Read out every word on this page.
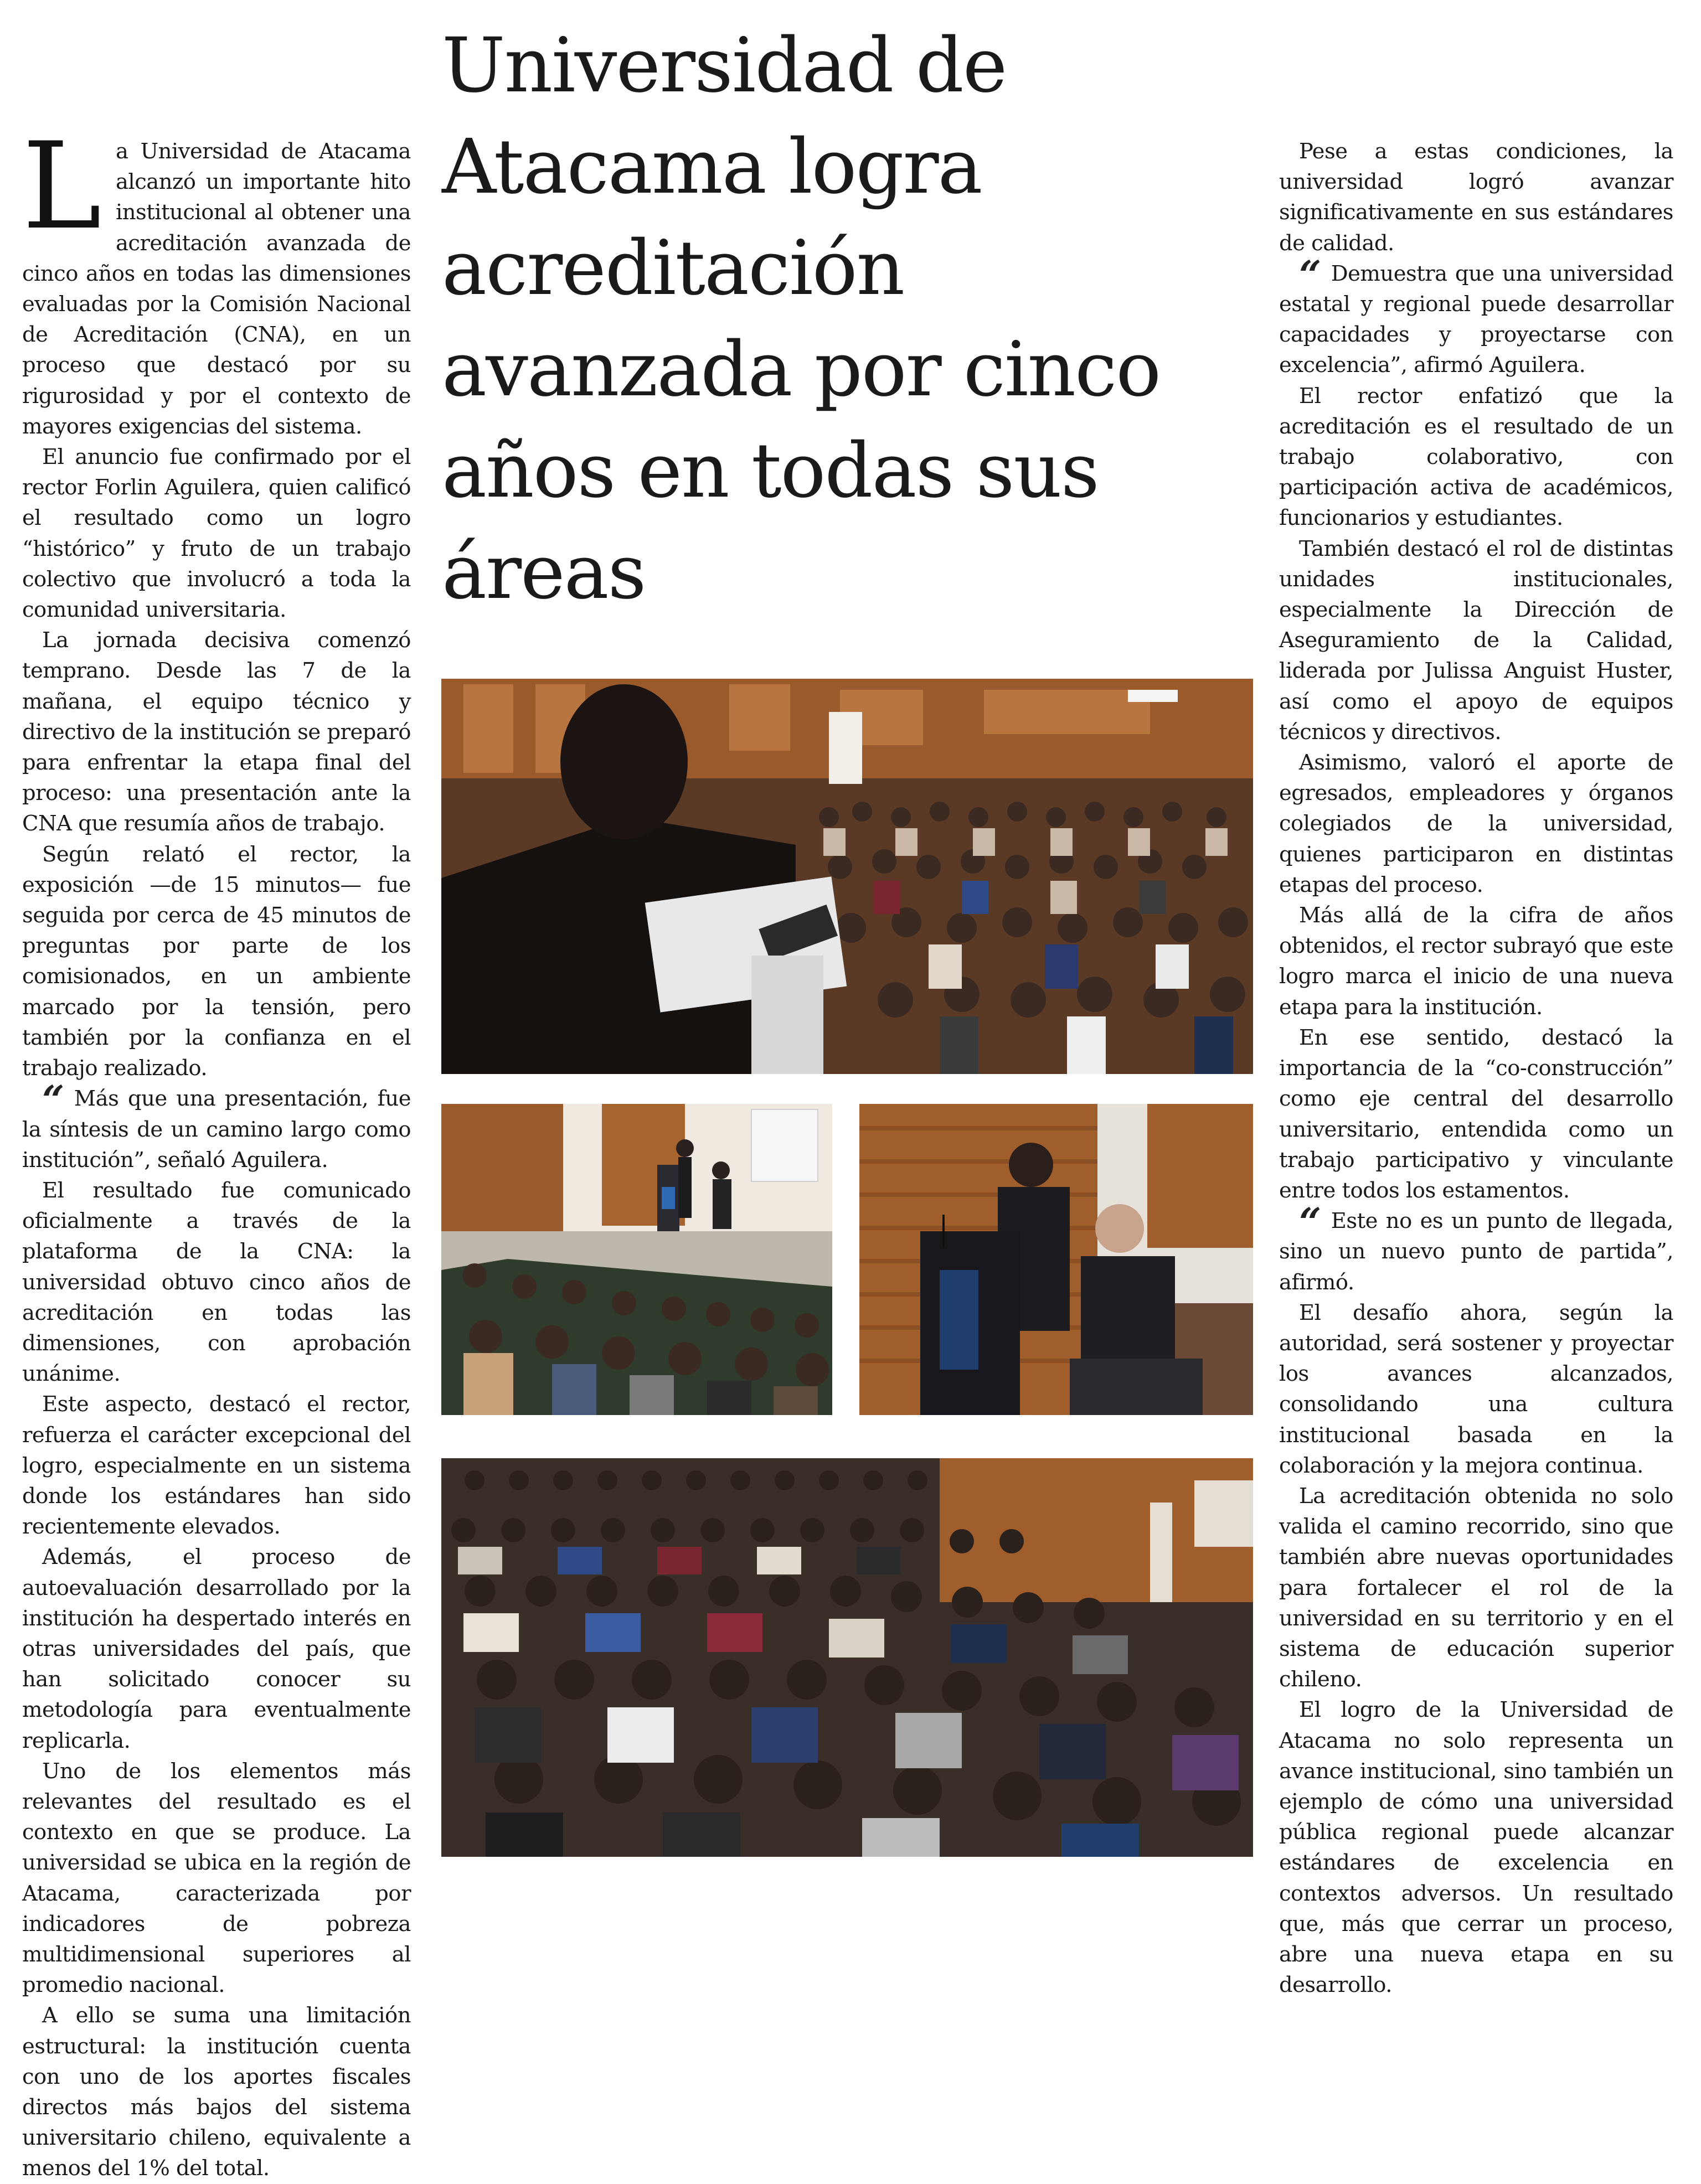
La Universidad de Atacama alcanzó un importante hito institucional al obtener una acreditación avanzada de cinco años en todas las dimensiones evaluadas por la Comisión Nacional de Acreditación (CNA), en un proceso que destacó por su rigurosidad y por el contexto de mayores exigencias del sistema.

El anuncio fue confirmado por el rector Forlin Aguilera, quien calificó el resultado como un logro “histórico” y fruto de un trabajo colectivo que involucró a toda la comunidad universitaria.

La jornada decisiva comenzó temprano. Desde las 7 de la mañana, el equipo técnico y directivo de la institución se preparó para enfrentar la etapa final del proceso: una presentación ante la CNA que resumía años de trabajo.

Según relató el rector, la exposición —de 15 minutos— fue seguida por cerca de 45 minutos de preguntas por parte de los comisionados, en un ambiente marcado por la tensión, pero también por la confianza en el trabajo realizado.

“ Más que una presentación, fue la síntesis de un camino largo como institución”, señaló Aguilera.

El resultado fue comunicado oficialmente a través de la plataforma de la CNA: la universidad obtuvo cinco años de acreditación en todas las dimensiones, con aprobación unánime.

Este aspecto, destacó el rector, refuerza el carácter excepcional del logro, especialmente en un sistema donde los estándares han sido recientemente elevados.

Además, el proceso de autoevaluación desarrollado por la institución ha despertado interés en otras universidades del país, que han solicitado conocer su metodología para eventualmente replicarla.

Uno de los elementos más relevantes del resultado es el contexto en que se produce. La universidad se ubica en la región de Atacama, caracterizada por indicadores de pobreza multidimensional superiores al promedio nacional.

A ello se suma una limitación estructural: la institución cuenta con uno de los aportes fiscales directos más bajos del sistema universitario chileno, equivalente a menos del 1% del total.

Universidad de Atacama logra acreditación avanzada por cinco años en todas sus áreas

Pese a estas condiciones, la universidad logró avanzar significativamente en sus estándares de calidad.

“ Demuestra que una universidad estatal y regional puede desarrollar capacidades y proyectarse con excelencia”, afirmó Aguilera.

El rector enfatizó que la acreditación es el resultado de un trabajo colaborativo, con participación activa de académicos, funcionarios y estudiantes.

También destacó el rol de distintas unidades institucionales, especialmente la Dirección de Aseguramiento de la Calidad, liderada por Julissa Anguist Huster, así como el apoyo de equipos técnicos y directivos.

Asimismo, valoró el aporte de egresados, empleadores y órganos colegiados de la universidad, quienes participaron en distintas etapas del proceso.

Más allá de la cifra de años obtenidos, el rector subrayó que este logro marca el inicio de una nueva etapa para la institución.

En ese sentido, destacó la importancia de la “co-construcción” como eje central del desarrollo universitario, entendida como un trabajo participativo y vinculante entre todos los estamentos.

“ Este no es un punto de llegada, sino un nuevo punto de partida”, afirmó.

El desafío ahora, según la autoridad, será sostener y proyectar los avances alcanzados, consolidando una cultura institucional basada en la colaboración y la mejora continua.

La acreditación obtenida no solo valida el camino recorrido, sino que también abre nuevas oportunidades para fortalecer el rol de la universidad en su territorio y en el sistema de educación superior chileno.

El logro de la Universidad de Atacama no solo representa un avance institucional, sino también un ejemplo de cómo una universidad pública regional puede alcanzar estándares de excelencia en contextos adversos. Un resultado que, más que cerrar un proceso, abre una nueva etapa en su desarrollo.
